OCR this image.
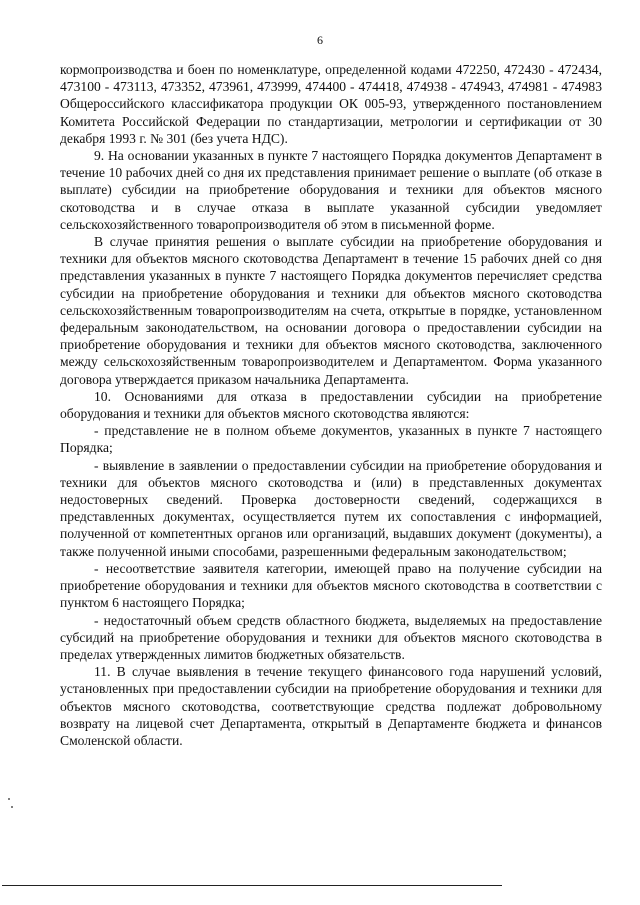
6

кормопроизводства и боен по номенклатуре, определенной кодами 472250, 472430 - 472434, 473100 - 473113, 473352, 473961, 473999, 474400 - 474418, 474938 - 474943, 474981 - 474983 Общероссийского классификатора продукции ОК 005-93, утвержденного постановлением Комитета Российской Федерации по стандартизации, метрологии и сертификации от 30 декабря 1993 г. № 301 (без учета НДС).

9. На основании указанных в пункте 7 настоящего Порядка документов Департамент в течение 10 рабочих дней со дня их представления принимает решение о выплате (об отказе в выплате) субсидии на приобретение оборудования и техники для объектов мясного скотоводства и в случае отказа в выплате указанной субсидии уведомляет сельскохозяйственного товаропроизводителя об этом в письменной форме.

В случае принятия решения о выплате субсидии на приобретение оборудования и техники для объектов мясного скотоводства Департамент в течение 15 рабочих дней со дня представления указанных в пункте 7 настоящего Порядка документов перечисляет средства субсидии на приобретение оборудования и техники для объектов мясного скотоводства сельскохозяйственным товаропроизводителям на счета, открытые в порядке, установленном федеральным законодательством, на основании договора о предоставлении субсидии на приобретение оборудования и техники для объектов мясного скотоводства, заключенного между сельскохозяйственным товаропроизводителем и Департаментом. Форма указанного договора утверждается приказом начальника Департамента.

10. Основаниями для отказа в предоставлении субсидии на приобретение оборудования и техники для объектов мясного скотоводства являются:

- представление не в полном объеме документов, указанных в пункте 7 настоящего Порядка;

- выявление в заявлении о предоставлении субсидии на приобретение оборудования и техники для объектов мясного скотоводства и (или) в представленных документах недостоверных сведений. Проверка достоверности сведений, содержащихся в представленных документах, осуществляется путем их сопоставления с информацией, полученной от компетентных органов или организаций, выдавших документ (документы), а также полученной иными способами, разрешенными федеральным законодательством;

- несоответствие заявителя категории, имеющей право на получение субсидии на приобретение оборудования и техники для объектов мясного скотоводства в соответствии с пунктом 6 настоящего Порядка;

- недостаточный объем средств областного бюджета, выделяемых на предоставление субсидий на приобретение оборудования и техники для объектов мясного скотоводства в пределах утвержденных лимитов бюджетных обязательств.

11. В случае выявления в течение текущего финансового года нарушений условий, установленных при предоставлении субсидии на приобретение оборудования и техники для объектов мясного скотоводства, соответствующие средства подлежат добровольному возврату на лицевой счет Департамента, открытый в Департаменте бюджета и финансов Смоленской области.
